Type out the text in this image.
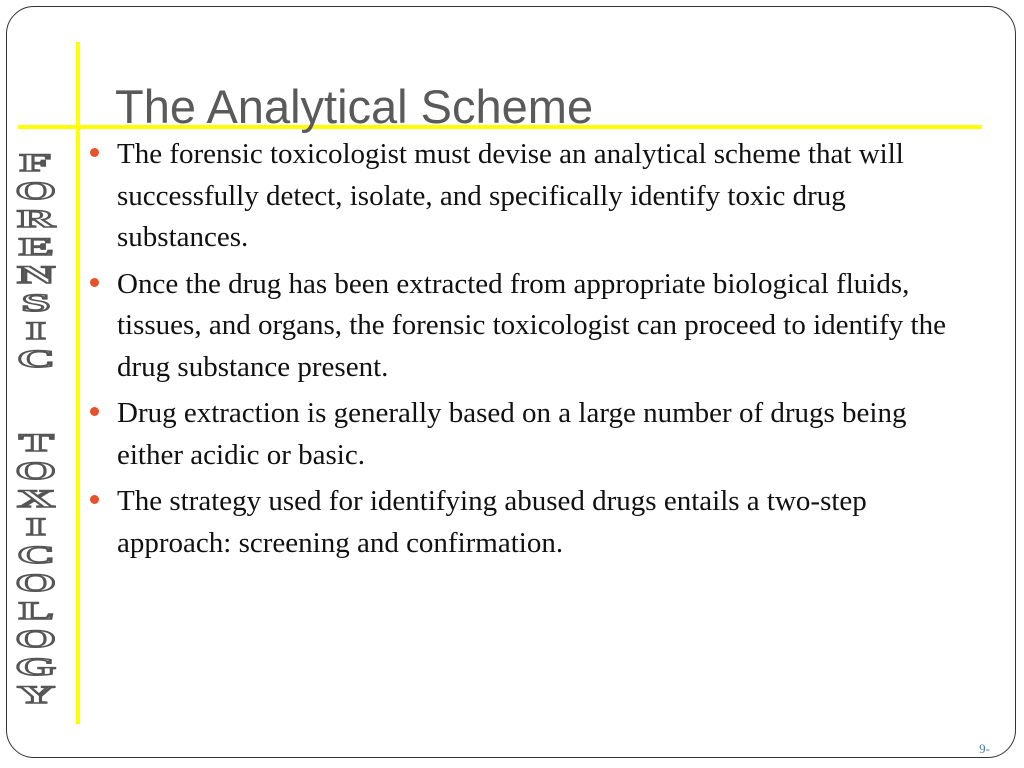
F
O
R
E
N
S
I
C
T
O
X
I
C
O
L
O
G
Y
The Analytical Scheme
The forensic toxicologist must devise an analytical scheme that will successfully detect, isolate, and specifically identify toxic drug substances.
Once the drug has been extracted from appropriate biological fluids, tissues, and organs, the forensic toxicologist can proceed to identify the drug substance present.
Drug extraction is generally based on a large number of drugs being either acidic or basic.
The strategy used for identifying abused drugs entails a two-step approach: screening and confirmation.
9-
